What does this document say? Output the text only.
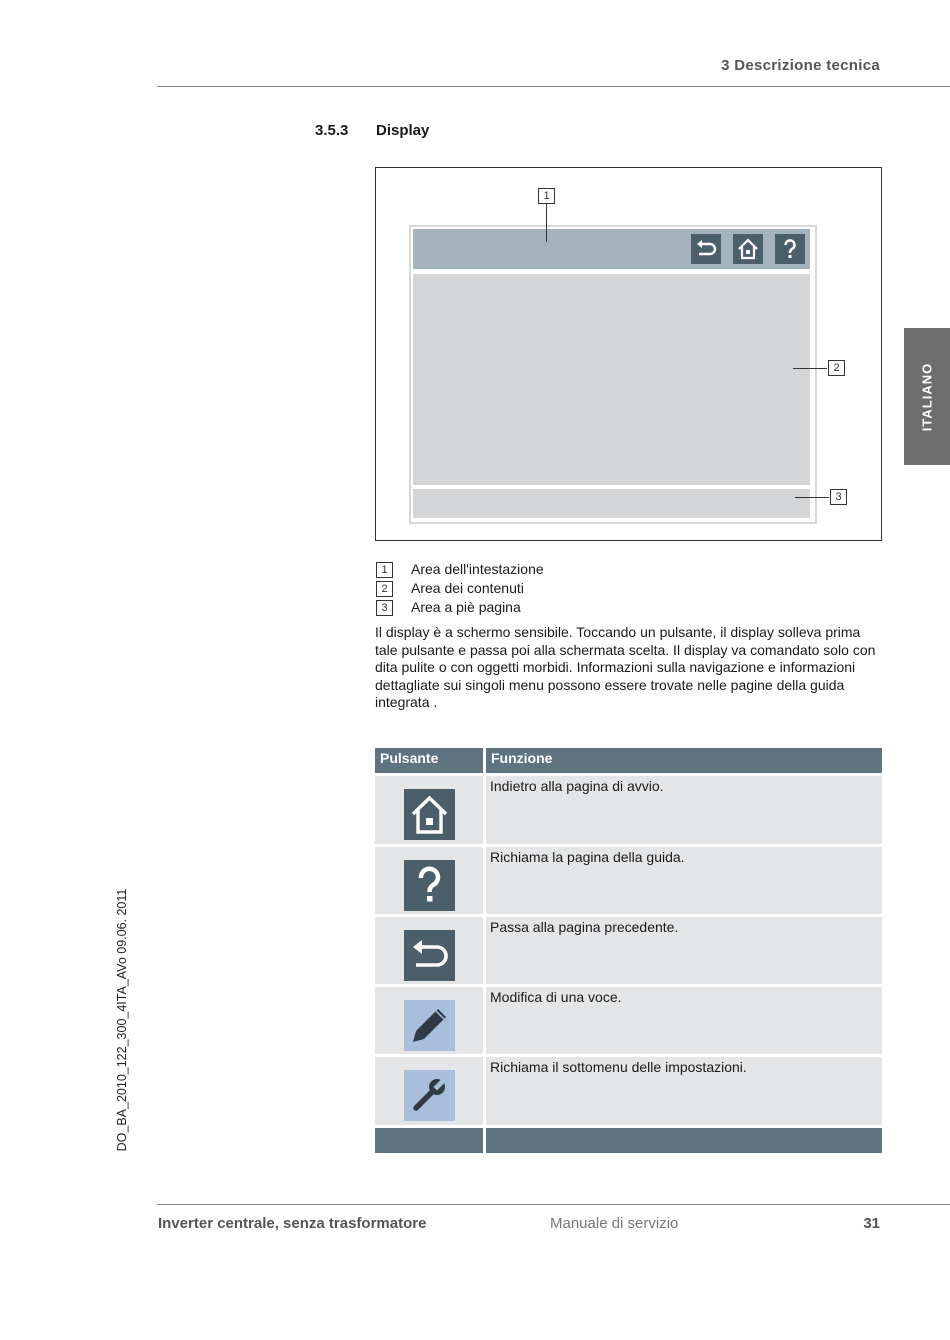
3 Descrizione tecnica
ITALIANO
DO_BA_2010_122_300_4ITA_AVo 09.06. 2011
3.5.3 Display
1
2
3
1	Area dell'intestazione
2	Area dei contenuti
3	Area a piè pagina
Il display è a schermo sensibile. Toccando un pulsante, il display solleva prima tale pulsante e passa poi alla schermata scelta. Il display va comandato solo con dita pulite o con oggetti morbidi. Informazioni sulla navigazione e informazioni dettagliate sui singoli menu possono essere trovate nelle pagine della guida integrata .
Pulsante	Funzione
Indietro alla pagina di avvio.
Richiama la pagina della guida.
Passa alla pagina precedente.
Modifica di una voce.
Richiama il sottomenu delle impostazioni.
Inverter centrale, senza trasformatore	Manuale di servizio	31
